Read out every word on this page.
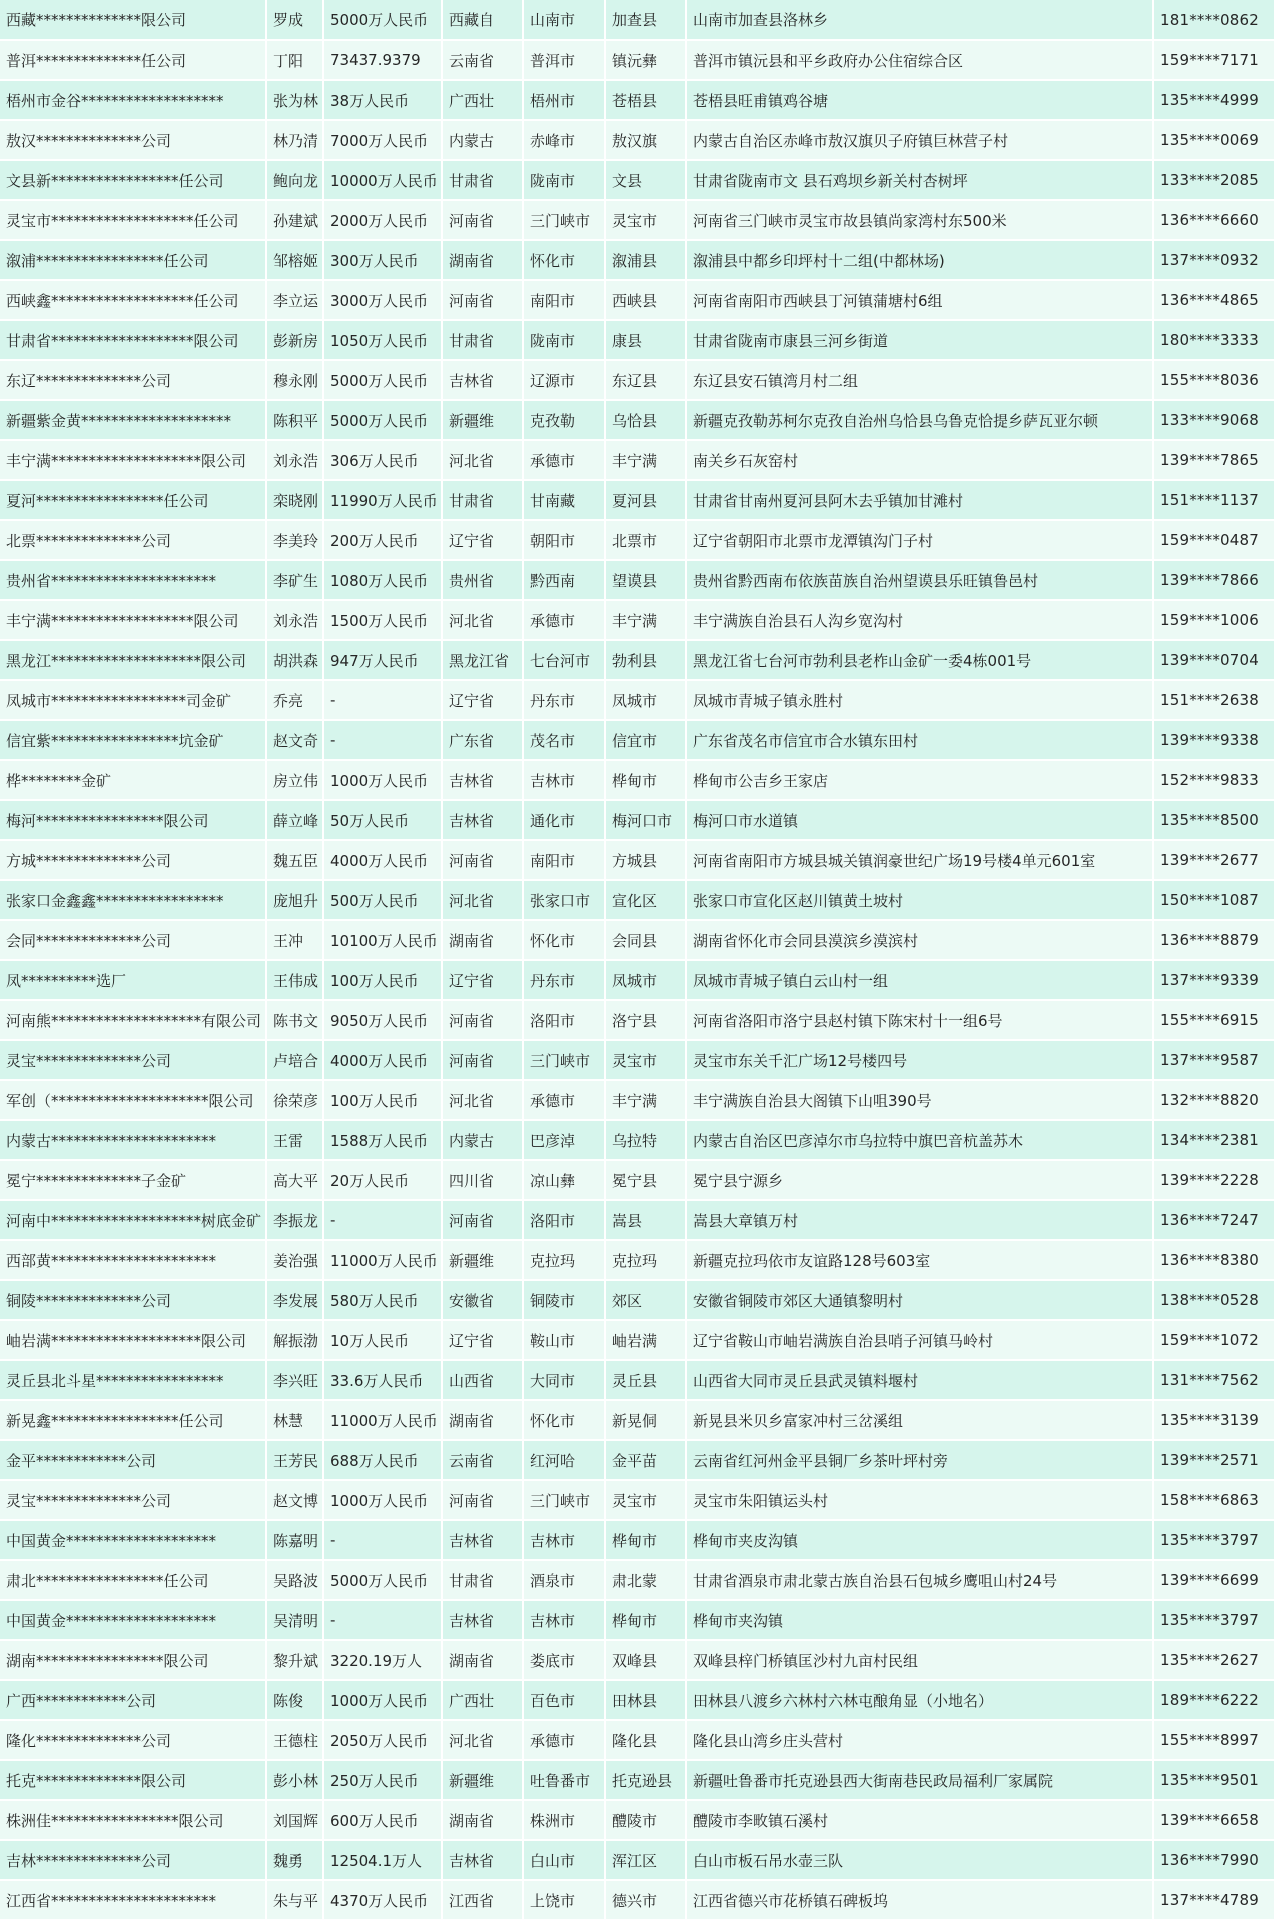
西藏**************限公司	罗成	5000万人民币	西藏自	山南市	加查县	山南市加查县洛林乡	181****0862
普洱**************任公司	丁阳	73437.9379	云南省	普洱市	镇沅彝	普洱市镇沅县和平乡政府办公住宿综合区	159****7171
梧州市金谷*******************	张为林	38万人民币	广西壮	梧州市	苍梧县	苍梧县旺甫镇鸡谷塘	135****4999
敖汉**************公司	林乃清	7000万人民币	内蒙古	赤峰市	敖汉旗	内蒙古自治区赤峰市敖汉旗贝子府镇巨林营子村	135****0069
文县新*****************任公司	鲍向龙	10000万人民币	甘肃省	陇南市	文县	甘肃省陇南市文 县石鸡坝乡新关村杏树坪	133****2085
灵宝市*******************任公司	孙建斌	2000万人民币	河南省	三门峡市	灵宝市	河南省三门峡市灵宝市故县镇尚家湾村东500米	136****6660
溆浦*****************任公司	邹榕姬	300万人民币	湖南省	怀化市	溆浦县	溆浦县中都乡印坪村十二组(中都林场)	137****0932
西峡鑫*******************任公司	李立运	3000万人民币	河南省	南阳市	西峡县	河南省南阳市西峡县丁河镇蒲塘村6组	136****4865
甘肃省*******************限公司	彭新房	1050万人民币	甘肃省	陇南市	康县	甘肃省陇南市康县三河乡街道	180****3333
东辽**************公司	穆永刚	5000万人民币	吉林省	辽源市	东辽县	东辽县安石镇湾月村二组	155****8036
新疆紫金黄********************	陈积平	5000万人民币	新疆维	克孜勒	乌恰县	新疆克孜勒苏柯尔克孜自治州乌恰县乌鲁克恰提乡萨瓦亚尔顿	133****9068
丰宁满********************限公司	刘永浩	306万人民币	河北省	承德市	丰宁满	南关乡石灰窑村	139****7865
夏河*****************任公司	栾晓刚	11990万人民币	甘肃省	甘南藏	夏河县	甘肃省甘南州夏河县阿木去乎镇加甘滩村	151****1137
北票**************公司	李美玲	200万人民币	辽宁省	朝阳市	北票市	辽宁省朝阳市北票市龙潭镇沟门子村	159****0487
贵州省**********************	李矿生	1080万人民币	贵州省	黔西南	望谟县	贵州省黔西南布依族苗族自治州望谟县乐旺镇鲁邑村	139****7866
丰宁满*******************限公司	刘永浩	1500万人民币	河北省	承德市	丰宁满	丰宁满族自治县石人沟乡宽沟村	159****1006
黑龙江********************限公司	胡洪森	947万人民币	黑龙江省	七台河市	勃利县	黑龙江省七台河市勃利县老柞山金矿一委4栋001号	139****0704
凤城市******************司金矿	乔亮	-	辽宁省	丹东市	凤城市	凤城市青城子镇永胜村	151****2638
信宜紫*****************坑金矿	赵文奇	-	广东省	茂名市	信宜市	广东省茂名市信宜市合水镇东田村	139****9338
桦********金矿	房立伟	1000万人民币	吉林省	吉林市	桦甸市	桦甸市公吉乡王家店	152****9833
梅河*****************限公司	薛立峰	50万人民币	吉林省	通化市	梅河口市	梅河口市水道镇	135****8500
方城**************公司	魏五臣	4000万人民币	河南省	南阳市	方城县	河南省南阳市方城县城关镇润豪世纪广场19号楼4单元601室	139****2677
张家口金鑫鑫*****************	庞旭升	500万人民币	河北省	张家口市	宣化区	张家口市宣化区赵川镇黄土坡村	150****1087
会同**************公司	王冲	10100万人民币	湖南省	怀化市	会同县	湖南省怀化市会同县漠滨乡漠滨村	136****8879
凤**********选厂	王伟成	100万人民币	辽宁省	丹东市	凤城市	凤城市青城子镇白云山村一组	137****9339
河南熊********************有限公司	陈书文	9050万人民币	河南省	洛阳市	洛宁县	河南省洛阳市洛宁县赵村镇下陈宋村十一组6号	155****6915
灵宝**************公司	卢培合	4000万人民币	河南省	三门峡市	灵宝市	灵宝市东关千汇广场12号楼四号	137****9587
军创（*********************限公司	徐荣彦	100万人民币	河北省	承德市	丰宁满	丰宁满族自治县大阁镇下山咀390号	132****8820
内蒙古**********************	王雷	1588万人民币	内蒙古	巴彦淖	乌拉特	内蒙古自治区巴彦淖尔市乌拉特中旗巴音杭盖苏木	134****2381
冕宁**************子金矿	高大平	20万人民币	四川省	凉山彝	冕宁县	冕宁县宁源乡	139****2228
河南中********************树底金矿	李振龙	-	河南省	洛阳市	嵩县	嵩县大章镇万村	136****7247
西部黄**********************	姜治强	11000万人民币	新疆维	克拉玛	克拉玛	新疆克拉玛依市友谊路128号603室	136****8380
铜陵**************公司	李发展	580万人民币	安徽省	铜陵市	郊区	安徽省铜陵市郊区大通镇黎明村	138****0528
岫岩满********************限公司	解振渤	10万人民币	辽宁省	鞍山市	岫岩满	辽宁省鞍山市岫岩满族自治县哨子河镇马岭村	159****1072
灵丘县北斗星*****************	李兴旺	33.6万人民币	山西省	大同市	灵丘县	山西省大同市灵丘县武灵镇料堰村	131****7562
新晃鑫*****************任公司	林慧	11000万人民币	湖南省	怀化市	新晃侗	新晃县米贝乡富家冲村三岔溪组	135****3139
金平************公司	王芳民	688万人民币	云南省	红河哈	金平苗	云南省红河州金平县铜厂乡茶叶坪村旁	139****2571
灵宝**************公司	赵文博	1000万人民币	河南省	三门峡市	灵宝市	灵宝市朱阳镇运头村	158****6863
中国黄金********************	陈嘉明	-	吉林省	吉林市	桦甸市	桦甸市夹皮沟镇	135****3797
肃北*****************任公司	吴路波	5000万人民币	甘肃省	酒泉市	肃北蒙	甘肃省酒泉市肃北蒙古族自治县石包城乡鹰咀山村24号	139****6699
中国黄金********************	吴清明	-	吉林省	吉林市	桦甸市	桦甸市夹沟镇	135****3797
湖南*****************限公司	黎升斌	3220.19万人	湖南省	娄底市	双峰县	双峰县梓门桥镇匡沙村九亩村民组	135****2627
广西************公司	陈俊	1000万人民币	广西壮	百色市	田林县	田林县八渡乡六林村六林屯酿角显（小地名）	189****6222
隆化**************公司	王德柱	2050万人民币	河北省	承德市	隆化县	隆化县山湾乡庄头营村	155****8997
托克**************限公司	彭小林	250万人民币	新疆维	吐鲁番市	托克逊县	新疆吐鲁番市托克逊县西大街南巷民政局福利厂家属院	135****9501
株洲佳*****************限公司	刘国辉	600万人民币	湖南省	株洲市	醴陵市	醴陵市李畋镇石溪村	139****6658
吉林**************公司	魏勇	12504.1万人	吉林省	白山市	浑江区	白山市板石吊水壶三队	136****7990
江西省**********************	朱与平	4370万人民币	江西省	上饶市	德兴市	江西省德兴市花桥镇石碑板坞	137****4789
